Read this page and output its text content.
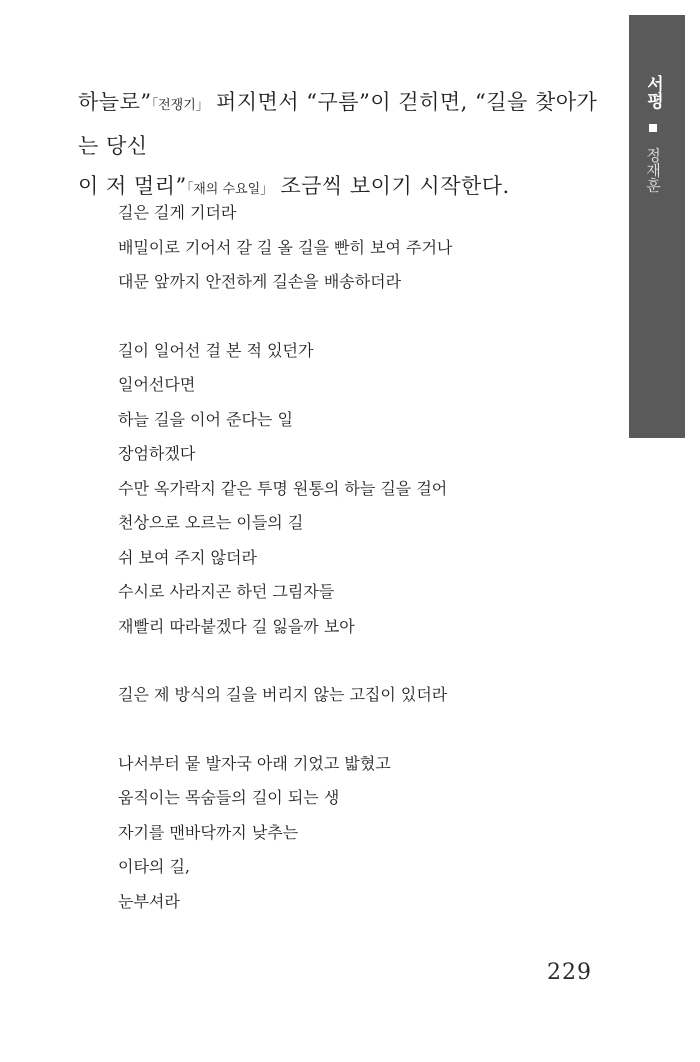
서평  정재훈
하늘로”「전쟁기」 퍼지면서 “구름”이 걷히면, “길을 찾아가는 당신
이 저 멀리”「재의 수요일」 조금씩 보이기 시작한다.
길은 길게 기더라
배밀이로 기어서 갈 길 올 길을 빤히 보여 주거나
대문 앞까지 안전하게 길손을 배송하더라
길이 일어선 걸 본 적 있던가
일어선다면
하늘 길을 이어 준다는 일
장엄하겠다
수만 옥가락지 같은 투명 원통의 하늘 길을 걸어
천상으로 오르는 이들의 길
쉬 보여 주지 않더라
수시로 사라지곤 하던 그림자들
재빨리 따라붙겠다 길 잃을까 보아
길은 제 방식의 길을 버리지 않는 고집이 있더라
나서부터 뭍 발자국 아래 기었고 밟혔고
움직이는 목숨들의 길이 되는 생
자기를 맨바닥까지 낮추는
이타의 길,
눈부셔라
229
